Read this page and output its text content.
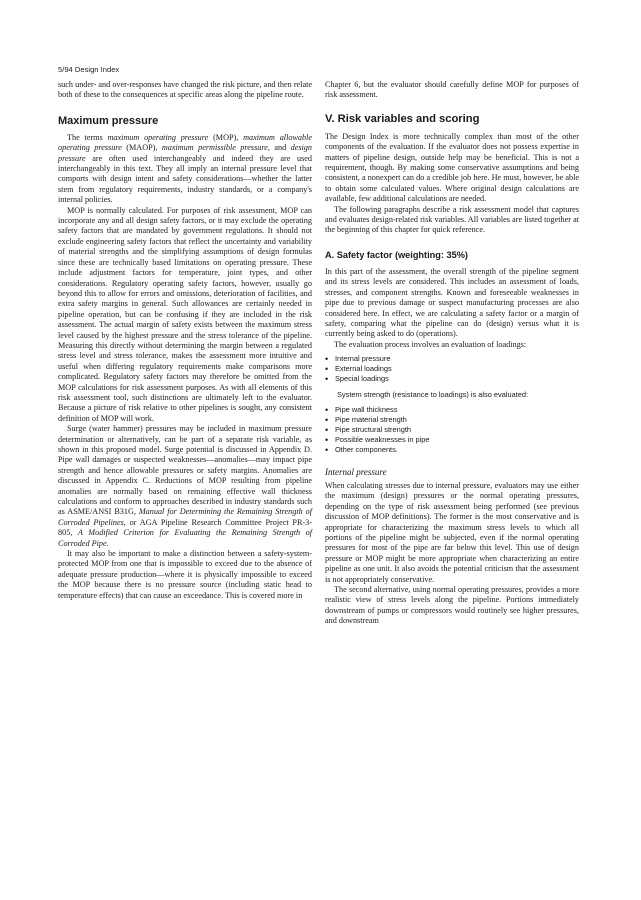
5/94 Design Index

such under- and over-responses have changed the risk picture, and then relate both of these to the consequences at specific areas along the pipeline route.

Maximum pressure

The terms maximum operating pressure (MOP), maximum allowable operating pressure (MAOP), maximum permissible pressure, and design pressure are often used interchangeably and indeed they are used interchangeably in this text. They all imply an internal pressure level that comports with design intent and safety considerations—whether the latter stem from regulatory requirements, industry standards, or a company's internal policies.

MOP is normally calculated. For purposes of risk assessment, MOP can incorporate any and all design safety factors, or it may exclude the operating safety factors that are mandated by government regulations. It should not exclude engineering safety factors that reflect the uncertainty and variability of material strengths and the simplifying assumptions of design formulas since these are technically based limitations on operating pressure. These include adjustment factors for temperature, joint types, and other considerations. Regulatory operating safety factors, however, usually go beyond this to allow for errors and omissions, deterioration of facilities, and extra safety margins in general. Such allowances are certainly needed in pipeline operation, but can be confusing if they are included in the risk assessment. The actual margin of safety exists between the maximum stress level caused by the highest pressure and the stress tolerance of the pipeline. Measuring this directly without determining the margin between a regulated stress level and stress tolerance, makes the assessment more intuitive and useful when differing regulatory requirements make comparisons more complicated. Regulatory safety factors may therefore be omitted from the MOP calculations for risk assessment purposes. As with all elements of this risk assessment tool, such distinctions are ultimately left to the evaluator. Because a picture of risk relative to other pipelines is sought, any consistent definition of MOP will work.

Surge (water hammer) pressures may be included in maximum pressure determination or alternatively, can be part of a separate risk variable, as shown in this proposed model. Surge potential is discussed in Appendix D. Pipe wall damages or suspected weaknesses—anomalies—may impact pipe strength and hence allowable pressures or safety margins. Anomalies are discussed in Appendix C. Reductions of MOP resulting from pipeline anomalies are normally based on remaining effective wall thickness calculations and conform to approaches described in industry standards such as ASME/ANSI B31G, Manual for Determining the Remaining Strength of Corroded Pipelines, or AGA Pipeline Research Committee Project PR-3-805, A Modified Criterion for Evaluating the Remaining Strength of Corroded Pipe.

It may also be important to make a distinction between a safety-system-protected MOP from one that is impossible to exceed due to the absence of adequate pressure production—where it is physically impossible to exceed the MOP because there is no pressure source (including static head to temperature effects) that can cause an exceedance. This is covered more in

Chapter 6, but the evaluator should carefully define MOP for purposes of risk assessment.

V. Risk variables and scoring

The Design Index is more technically complex than most of the other components of the evaluation. If the evaluator does not possess expertise in matters of pipeline design, outside help may be beneficial. This is not a requirement, though. By making some conservative assumptions and being consistent, a nonexpert can do a credible job here. He must, however, be able to obtain some calculated values. Where original design calculations are available, few additional calculations are needed.

The following paragraphs describe a risk assessment model that captures and evaluates design-related risk variables. All variables are listed together at the beginning of this chapter for quick reference.

A. Safety factor (weighting: 35%)

In this part of the assessment, the overall strength of the pipeline segment and its stress levels are considered. This includes an assessment of loads, stresses, and component strengths. Known and foreseeable weaknesses in pipe due to previous damage or suspect manufacturing processes are also considered here. In effect, we are calculating a safety factor or a margin of safety, comparing what the pipeline can do (design) versus what it is currently being asked to do (operations).

The evaluation process involves an evaluation of loadings:

• Internal pressure
• External loadings
• Special loadings

System strength (resistance to loadings) is also evaluated:

• Pipe wall thickness
• Pipe material strength
• Pipe structural strength
• Possible weaknesses in pipe
• Other components.
Internal pressure

When calculating stresses due to internal pressure, evaluators may use either the maximum (design) pressures or the normal operating pressures, depending on the type of risk assessment being performed (see previous discussion of MOP definitions). The former is the most conservative and is appropriate for characterizing the maximum stress levels to which all portions of the pipeline might be subjected, even if the normal operating pressures for most of the pipe are far below this level. This use of design pressure or MOP might be more appropriate when characterizing an entire pipeline as one unit. It also avoids the potential criticism that the assessment is not appropriately conservative.

The second alternative, using normal operating pressures, provides a more realistic view of stress levels along the pipeline. Portions immediately downstream of pumps or compressors would routinely see higher pressures, and downstream
